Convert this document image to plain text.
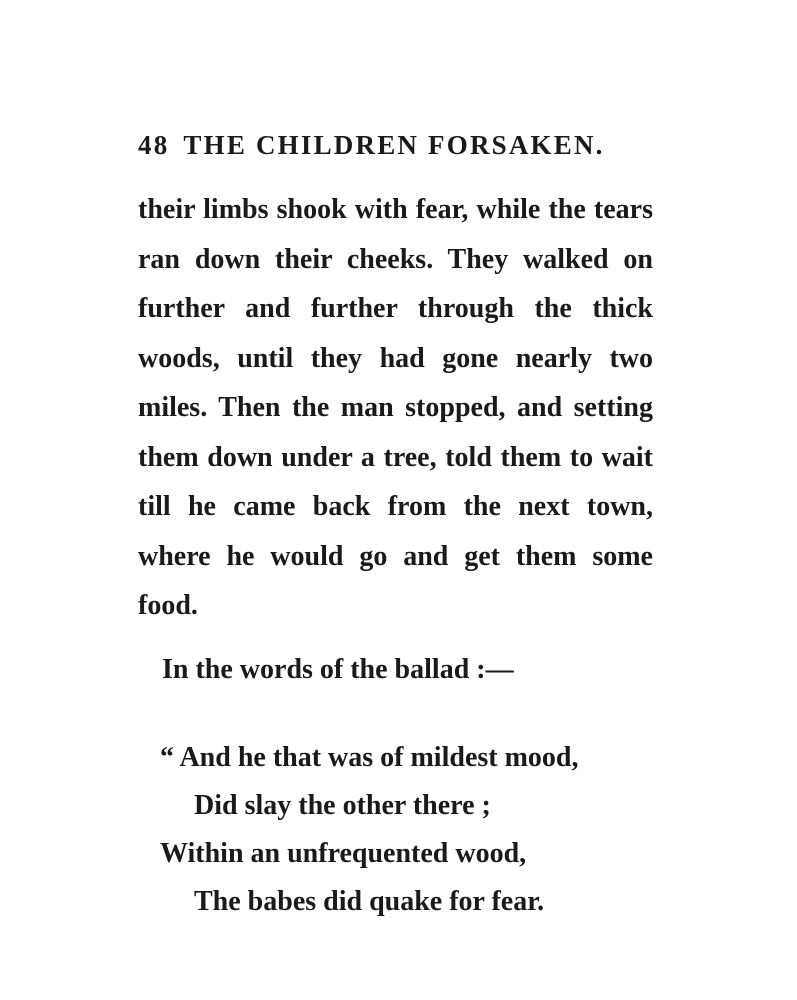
48 THE CHILDREN FORSAKEN.
their limbs shook with fear, while the tears
ran down their cheeks. They walked on
further and further through the thick
woods, until they had gone nearly two
miles. Then the man stopped, and setting
them down under a tree, told them to wait
till he came back from the next town,
where he would go and get them some
food.
In the words of the ballad :—
“ And he that was of mildest mood,
Did slay the other there ;
Within an unfrequented wood,
The babes did quake for fear.
